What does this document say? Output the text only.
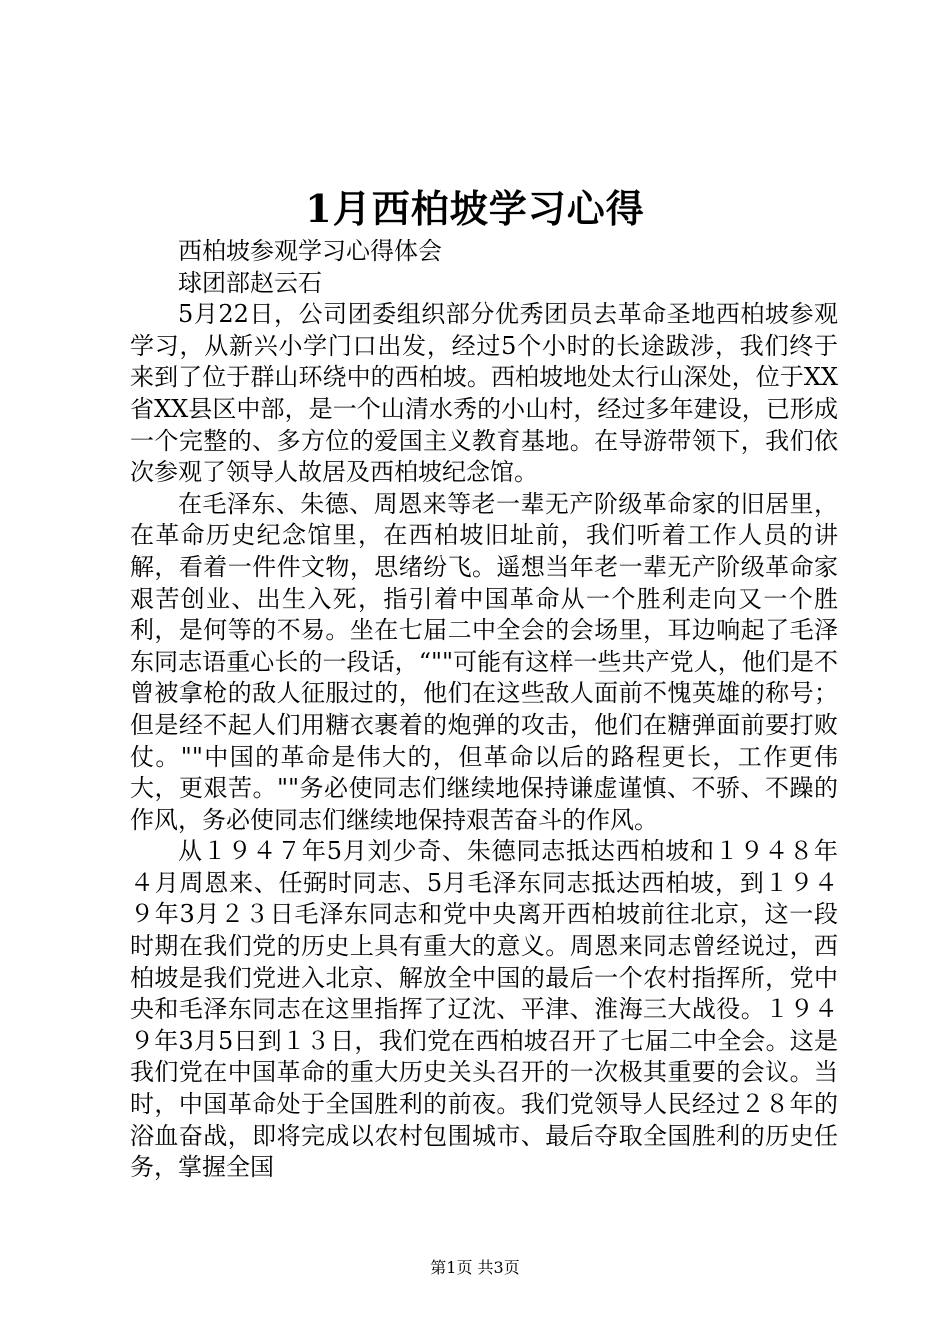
1月西柏坡学习心得

西柏坡参观学习心得体会

球团部赵云石

5月22日，公司团委组织部分优秀团员去革命圣地西柏坡参观学习，从新兴小学门口出发，经过5个小时的长途跋涉，我们终于来到了位于群山环绕中的西柏坡。西柏坡地处太行山深处，位于XX省XX县区中部，是一个山清水秀的小山村，经过多年建设，已形成一个完整的、多方位的爱国主义教育基地。在导游带领下，我们依次参观了领导人故居及西柏坡纪念馆。

在毛泽东、朱德、周恩来等老一辈无产阶级革命家的旧居里，在革命历史纪念馆里，在西柏坡旧址前，我们听着工作人员的讲解，看着一件件文物，思绪纷飞。遥想当年老一辈无产阶级革命家艰苦创业、出生入死，指引着中国革命从一个胜利走向又一个胜利，是何等的不易。坐在七届二中全会的会场里，耳边响起了毛泽东同志语重心长的一段话，“""可能有这样一些共产党人，他们是不曾被拿枪的敌人征服过的，他们在这些敌人面前不愧英雄的称号；但是经不起人们用糖衣裹着的炮弹的攻击，他们在糖弹面前要打败仗。""中国的革命是伟大的，但革命以后的路程更长，工作更伟大，更艰苦。""务必使同志们继续地保持谦虚谨慎、不骄、不躁的作风，务必使同志们继续地保持艰苦奋斗的作风。

从１９４７年5月刘少奇、朱德同志抵达西柏坡和１９４８年４月周恩来、任弼时同志、5月毛泽东同志抵达西柏坡，到１９４９年3月２３日毛泽东同志和党中央离开西柏坡前往北京，这一段时期在我们党的历史上具有重大的意义。周恩来同志曾经说过，西柏坡是我们党进入北京、解放全中国的最后一个农村指挥所，党中央和毛泽东同志在这里指挥了辽沈、平津、淮海三大战役。１９４９年3月5日到１３日，我们党在西柏坡召开了七届二中全会。这是我们党在中国革命的重大历史关头召开的一次极其重要的会议。当时，中国革命处于全国胜利的前夜。我们党领导人民经过２８年的浴血奋战，即将完成以农村包围城市、最后夺取全国胜利的历史任务，掌握全国

第1页 共3页
